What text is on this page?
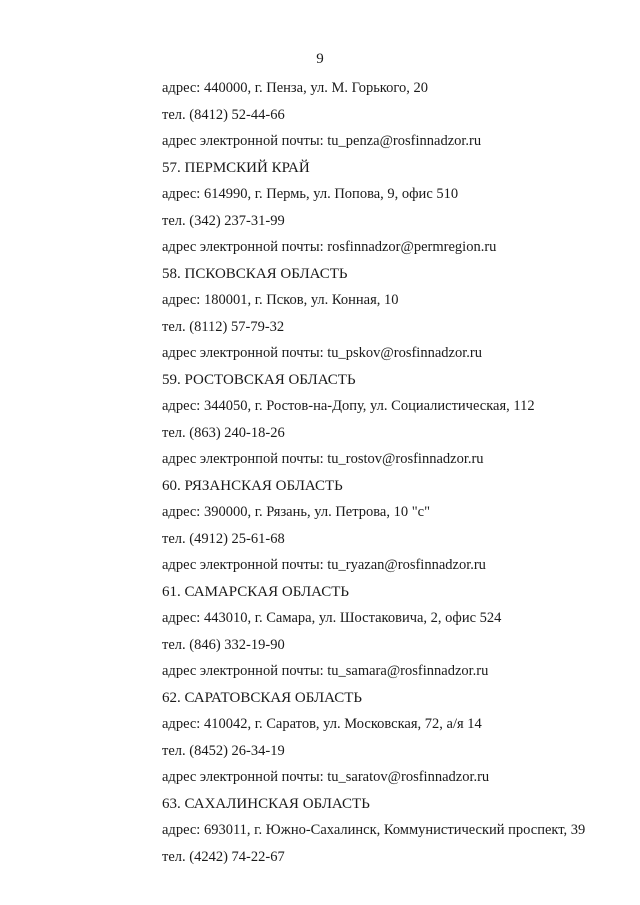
9
адрес: 440000, г. Пенза, ул. М. Горького, 20
тел. (8412) 52-44-66
адрес электронной почты: tu_penza@rosfinnadzor.ru
57. ПЕРМСКИЙ КРАЙ
адрес: 614990, г. Пермь, ул. Попова, 9, офис 510
тел. (342) 237-31-99
адрес электронной почты: rosfinnadzor@permregion.ru
58. ПСКОВСКАЯ ОБЛАСТЬ
адрес: 180001, г. Псков, ул. Конная, 10
тел. (8112) 57-79-32
адрес электронной почты: tu_pskov@rosfinnadzor.ru
59. РОСТОВСКАЯ ОБЛАСТЬ
адрес: 344050, г. Ростов-на-Допу, ул. Социалистическая, 112
тел. (863) 240-18-26
адрес электронпой почты: tu_rostov@rosfinnadzor.ru
60. РЯЗАНСКАЯ ОБЛАСТЬ
адрес: 390000, г. Рязань, ул. Петрова, 10 "с"
тел. (4912) 25-61-68
адрес электронной почты: tu_ryazan@rosfinnadzor.ru
61. САМАРСКАЯ ОБЛАСТЬ
адрес: 443010, г. Самара, ул. Шостаковича, 2, офис 524
тел. (846) 332-19-90
адрес электронной почты: tu_samara@rosfinnadzor.ru
62. САРАТОВСКАЯ ОБЛАСТЬ
адрес: 410042, г. Саратов, ул. Московская, 72, а/я 14
тел. (8452) 26-34-19
адрес электронной почты: tu_saratov@rosfinnadzor.ru
63. САХАЛИНСКАЯ ОБЛАСТЬ
адрес: 693011, г. Южно-Сахалинск, Коммунистический проспект, 39
тел. (4242) 74-22-67
